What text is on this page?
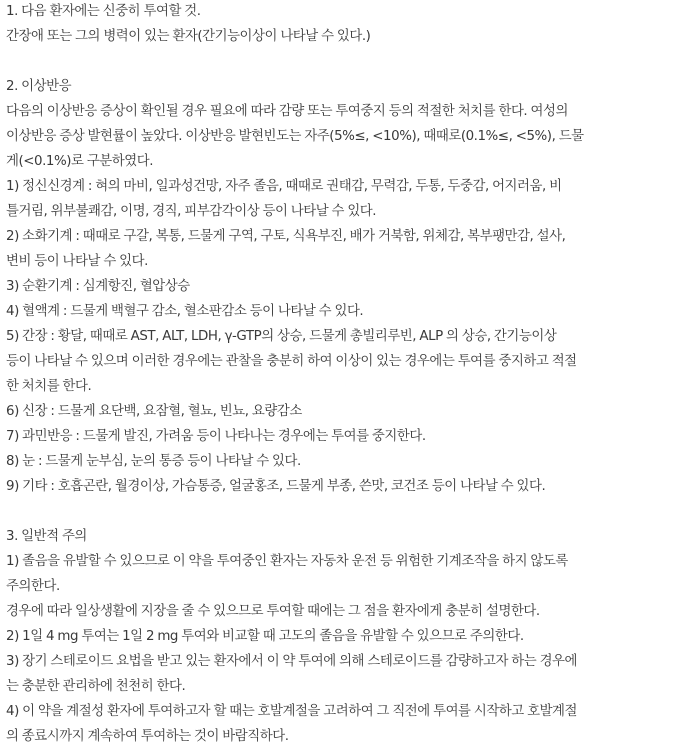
1. 다음 환자에는 신중히 투여할 것.
간장애 또는 그의 병력이 있는 환자(간기능이상이 나타날 수 있다.)
2. 이상반응
다음의 이상반응 증상이 확인될 경우 필요에 따라 감량 또는 투여중지 등의 적절한 처치를 한다. 여성의
이상반응 증상 발현률이 높았다. 이상반응 발현빈도는 자주(5%≤, <10%), 때때로(0.1%≤, <5%), 드물
게(<0.1%)로 구분하였다.
1) 정신신경계 : 혀의 마비, 일과성건망, 자주 졸음, 때때로 권태감, 무력감, 두통, 두중감, 어지러움, 비
틀거림, 위부불쾌감, 이명, 경직, 피부감각이상 등이 나타날 수 있다.
2) 소화기계 : 때때로 구갈, 복통, 드물게 구역, 구토, 식욕부진, 배가 거북함, 위체감, 복부팽만감, 설사,
변비 등이 나타날 수 있다.
3) 순환기계 : 심계항진, 혈압상승
4) 혈액계 : 드물게 백혈구 감소, 혈소판감소 등이 나타날 수 있다.
5) 간장 : 황달, 때때로 AST, ALT, LDH, γ-GTP의 상승, 드물게 총빌리루빈, ALP 의 상승, 간기능이상
등이 나타날 수 있으며 이러한 경우에는 관찰을 충분히 하여 이상이 있는 경우에는 투여를 중지하고 적절
한 처치를 한다.
6) 신장 : 드물게 요단백, 요잠혈, 혈뇨, 빈뇨, 요량감소
7) 과민반응 : 드물게 발진, 가려움 등이 나타나는 경우에는 투여를 중지한다.
8) 눈 : 드물게 눈부심, 눈의 통증 등이 나타날 수 있다.
9) 기타 : 호흡곤란, 월경이상, 가슴통증, 얼굴홍조, 드물게 부종, 쓴맛, 코건조 등이 나타날 수 있다.
3. 일반적 주의
1) 졸음을 유발할 수 있으므로 이 약을 투여중인 환자는 자동차 운전 등 위험한 기계조작을 하지 않도록
주의한다.
경우에 따라 일상생활에 지장을 줄 수 있으므로 투여할 때에는 그 점을 환자에게 충분히 설명한다.
2) 1일 4 mg 투여는 1일 2 mg 투여와 비교할 때 고도의 졸음을 유발할 수 있으므로 주의한다.
3) 장기 스테로이드 요법을 받고 있는 환자에서 이 약 투여에 의해 스테로이드를 감량하고자 하는 경우에
는 충분한 관리하에 천천히 한다.
4) 이 약을 계절성 환자에 투여하고자 할 때는 호발계절을 고려하여 그 직전에 투여를 시작하고 호발계절
의 종료시까지 계속하여 투여하는 것이 바람직하다.
